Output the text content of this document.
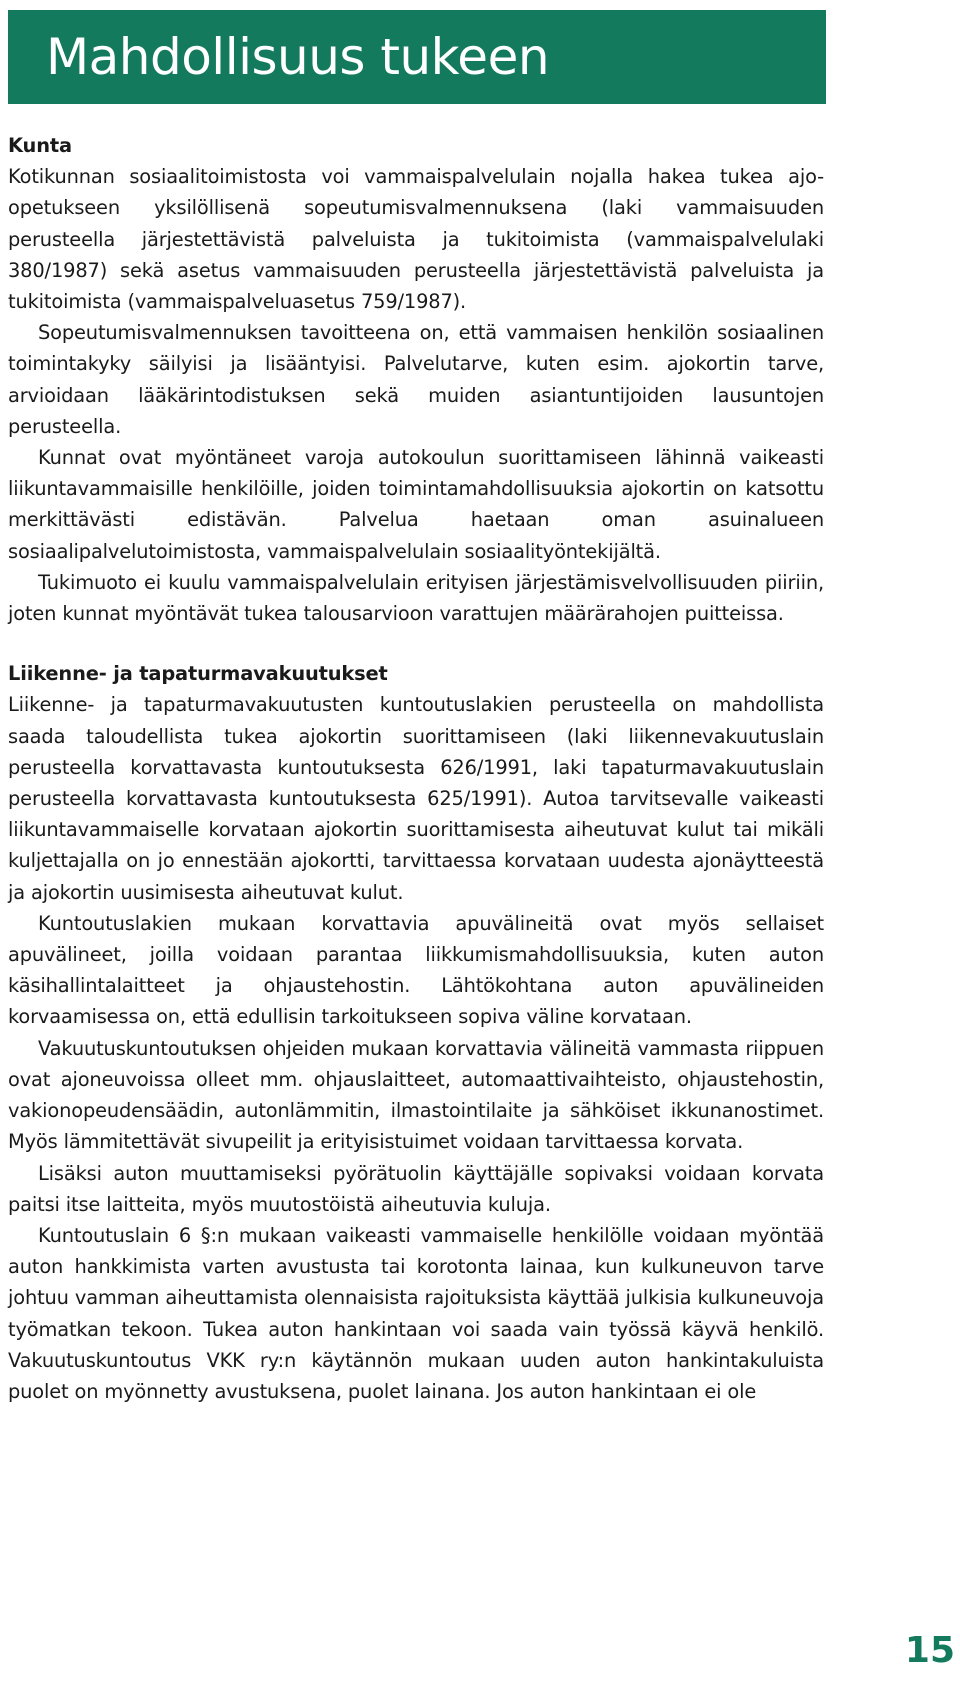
Mahdollisuus tukeen
Kunta

Kotikunnan sosiaalitoimistosta voi vammaispalvelulain nojalla hakea tukea ajo-opetukseen yksilöllisenä sopeutumisvalmennuksena (laki vammaisuuden perusteella järjestettävistä palveluista ja tukitoimista (vammaispalvelulaki 380/1987) sekä asetus vammaisuuden perusteella järjestettävistä palveluista ja tukitoimista (vammaispalveluasetus 759/1987).

Sopeutumisvalmennuksen tavoitteena on, että vammaisen henkilön sosiaalinen toimintakyky säilyisi ja lisääntyisi. Palvelutarve, kuten esim. ajokortin tarve, arvioidaan lääkärintodistuksen sekä muiden asiantuntijoiden lausuntojen perusteella.

Kunnat ovat myöntäneet varoja autokoulun suorittamiseen lähinnä vaikeasti liikuntavammaisille henkilöille, joiden toimintamahdollisuuksia ajokortin on katsottu merkittävästi edistävän. Palvelua haetaan oman asuinalueen sosiaalipalvelutoimistosta, vammaispalvelulain sosiaalityöntekijältä.

Tukimuoto ei kuulu vammaispalvelulain erityisen järjestämisvelvollisuuden piiriin, joten kunnat myöntävät tukea talousarvioon varattujen määrärahojen puitteissa.

Liikenne- ja tapaturmavakuutukset

Liikenne- ja tapaturmavakuutusten kuntoutuslakien perusteella on mahdollista saada taloudellista tukea ajokortin suorittamiseen (laki liikennevakuutuslain perusteella korvattavasta kuntoutuksesta 626/1991, laki tapaturmavakuutuslain perusteella korvattavasta kuntoutuksesta 625/1991). Autoa tarvitsevalle vaikeasti liikuntavammaiselle korvataan ajokortin suorittamisesta aiheutuvat kulut tai mikäli kuljettajalla on jo ennestään ajokortti, tarvittaessa korvataan uudesta ajonäytteestä ja ajokortin uusimisesta aiheutuvat kulut.

Kuntoutuslakien mukaan korvattavia apuvälineitä ovat myös sellaiset apuvälineet, joilla voidaan parantaa liikkumismahdollisuuksia, kuten auton käsihallintalaitteet ja ohjaustehostin. Lähtökohtana auton apuvälineiden korvaamisessa on, että edullisin tarkoitukseen sopiva väline korvataan.

Vakuutuskuntoutuksen ohjeiden mukaan korvattavia välineitä vammasta riippuen ovat ajoneuvoissa olleet mm. ohjauslaitteet, automaattivaihteisto, ohjaustehostin, vakionopeudensäädin, autonlämmitin, ilmastointilaite ja sähköiset ikkunanostimet. Myös lämmitettävät sivupeilit ja erityisistuimet voidaan tarvittaessa korvata.

Lisäksi auton muuttamiseksi pyörätuolin käyttäjälle sopivaksi voidaan korvata paitsi itse laitteita, myös muutostöistä aiheutuvia kuluja.

Kuntoutuslain 6 §:n mukaan vaikeasti vammaiselle henkilölle voidaan myöntää auton hankkimista varten avustusta tai korotonta lainaa, kun kulkuneuvon tarve johtuu vamman aiheuttamista olennaisista rajoituksista käyttää julkisia kulkuneuvoja työmatkan tekoon. Tukea auton hankintaan voi saada vain työssä käyvä henkilö. Vakuutuskuntoutus VKK ry:n käytännön mukaan uuden auton hankintakuluista puolet on myönnetty avustuksena, puolet lainana. Jos auton hankintaan ei ole

15
